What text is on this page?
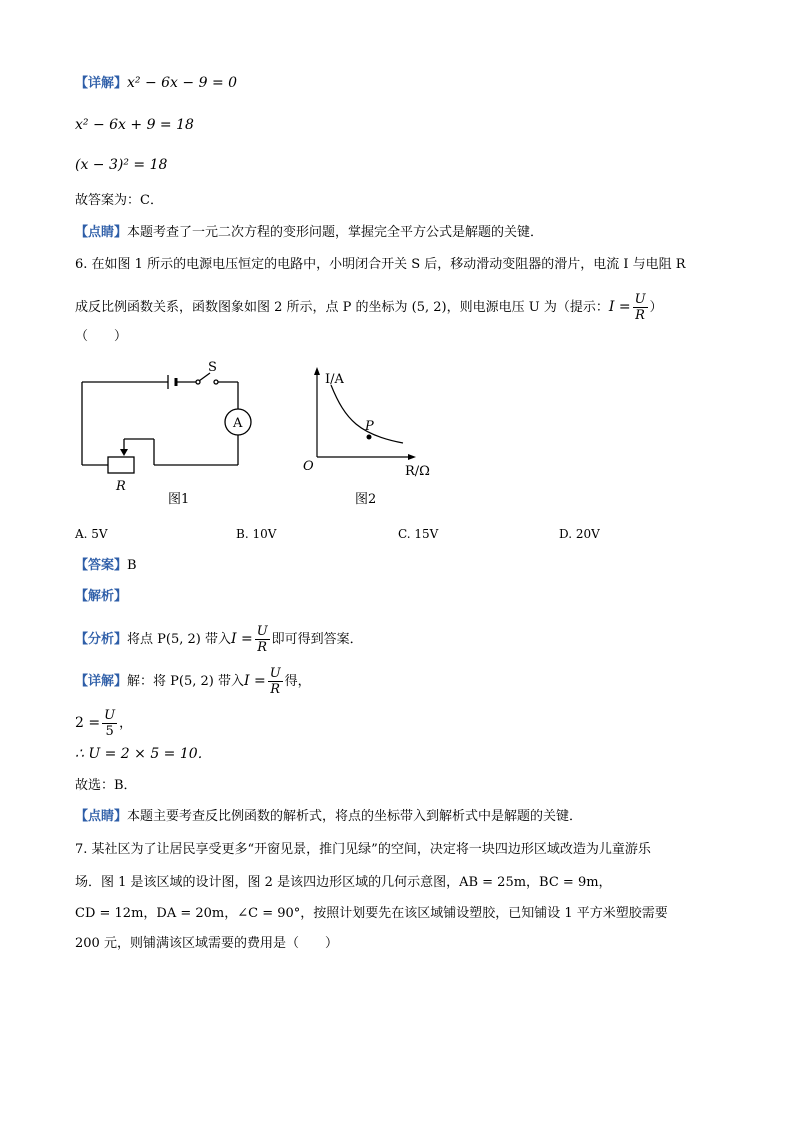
【详解】x² − 6x − 9 = 0
x² − 6x + 9 = 18
(x − 3)² = 18
故答案为：C．
【点睛】本题考查了一元二次方程的变形问题，掌握完全平方公式是解题的关键．
6. 在如图 1 所示的电源电压恒定的电路中，小明闭合开关 S 后，移动滑动变阻器的滑片，电流 I 与电阻 R
成反比例函数关系，函数图象如图 2 所示，点 P 的坐标为 (5, 2)，则电源电压 U 为（提示：$I = \frac{U}{R}$ ）
（　　）
S
A
R
图1
I/A
R/Ω
O
P
图2
A. 5V	B. 10V	C. 15V	D. 20V
【答案】B
【解析】
【分析】将点 P(5, 2) 带入$I = \frac{U}{R}$ 即可得到答案．
【详解】解：将 P(5, 2) 带入$I = \frac{U}{R}$ 得，
$2 = \frac{U}{5}$ ，
∴ U = 2 × 5 = 10．
故选：B．
【点睛】本题主要考查反比例函数的解析式，将点的坐标带入到解析式中是解题的关键．
7. 某社区为了让居民享受更多“开窗见景，推门见绿”的空间，决定将一块四边形区域改造为儿童游乐
场．图 1 是该区域的设计图，图 2 是该四边形区域的几何示意图，AB = 25m，BC = 9m，
CD = 12m，DA = 20m，∠C = 90°，按照计划要先在该区域铺设塑胶，已知铺设 1 平方米塑胶需要
200 元，则铺满该区域需要的费用是（　　）
